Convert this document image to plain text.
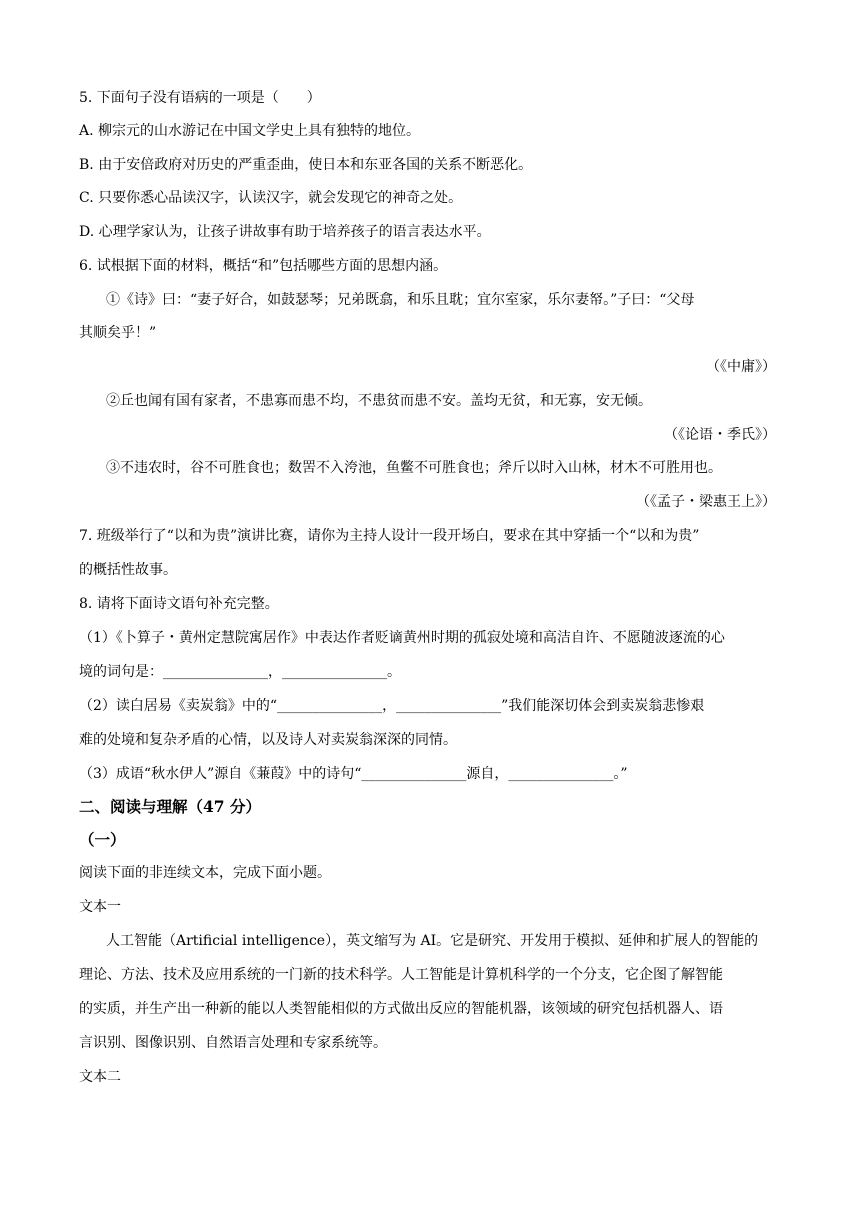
5. 下面句子没有语病的一项是（　　）
A. 柳宗元的山水游记在中国文学史上具有独特的地位。
B. 由于安倍政府对历史的严重歪曲，使日本和东亚各国的关系不断恶化。
C. 只要你悉心品读汉字，认读汉字，就会发现它的神奇之处。
D. 心理学家认为，让孩子讲故事有助于培养孩子的语言表达水平。
6. 试根据下面的材料，概括“和”包括哪些方面的思想内涵。
①《诗》曰：“妻子好合，如鼓瑟琴；兄弟既翕，和乐且耽；宜尔室家，乐尔妻帑。”子曰：“父母
其顺矣乎！”
（《中庸》）
②丘也闻有国有家者，不患寡而患不均，不患贫而患不安。盖均无贫，和无寡，安无倾。
（《论语・季氏》）
③不违农时，谷不可胜食也；数罟不入洿池，鱼鳖不可胜食也；斧斤以时入山林，材木不可胜用也。
（《孟子・梁惠王上》）
7. 班级举行了“以和为贵”演讲比赛，请你为主持人设计一段开场白，要求在其中穿插一个“以和为贵”
的概括性故事。
8. 请将下面诗文语句补充完整。
（1）《卜算子・黄州定慧院寓居作》中表达作者贬谪黄州时期的孤寂处境和高洁自许、不愿随波逐流的心
境的词句是：_______________，_______________。
（2）读白居易《卖炭翁》中的“_______________，_______________”我们能深切体会到卖炭翁悲惨艰
难的处境和复杂矛盾的心情，以及诗人对卖炭翁深深的同情。
（3）成语“秋水伊人”源自《蒹葭》中的诗句“_______________源自，_______________。”
二、阅读与理解（47 分）
（一）
阅读下面的非连续文本，完成下面小题。
文本一
人工智能（Artificial intelligence），英文缩写为 AI。它是研究、开发用于模拟、延伸和扩展人的智能的
理论、方法、技术及应用系统的一门新的技术科学。人工智能是计算机科学的一个分支，它企图了解智能
的实质，并生产出一种新的能以人类智能相似的方式做出反应的智能机器，该领域的研究包括机器人、语
言识别、图像识别、自然语言处理和专家系统等。
文本二
